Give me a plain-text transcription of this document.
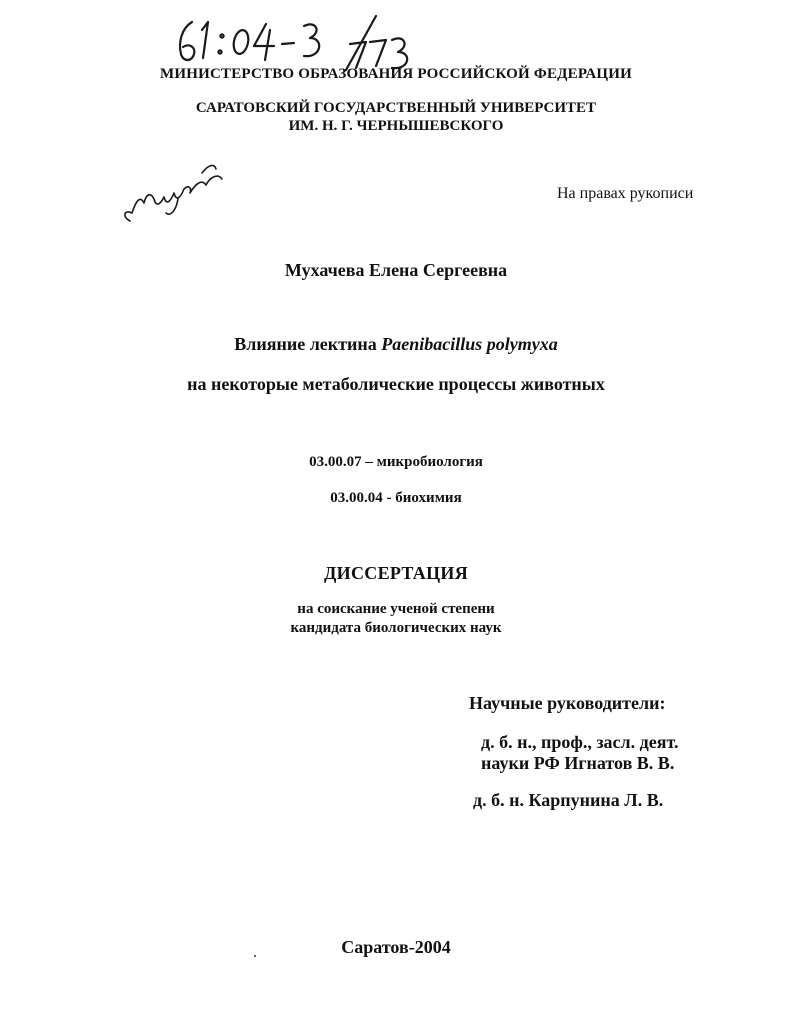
МИНИСТЕРСТВО ОБРАЗОВАНИЯ РОССИЙСКОЙ ФЕДЕРАЦИИ
САРАТОВСКИЙ ГОСУДАРСТВЕННЫЙ УНИВЕРСИТЕТ
ИМ. Н. Г. ЧЕРНЫШЕВСКОГО
На правах рукописи
Мухачева Елена Сергеевна
Влияние лектина Paenibacillus polymyxa
на некоторые метаболические процессы животных
03.00.07 – микробиология
03.00.04 - биохимия
ДИССЕРТАЦИЯ
на соискание ученой степени
кандидата биологических наук
Научные руководители:
д. б. н., проф., засл. деят.
науки РФ Игнатов В. В.
д. б. н. Карпунина Л. В.
Саратов-2004
